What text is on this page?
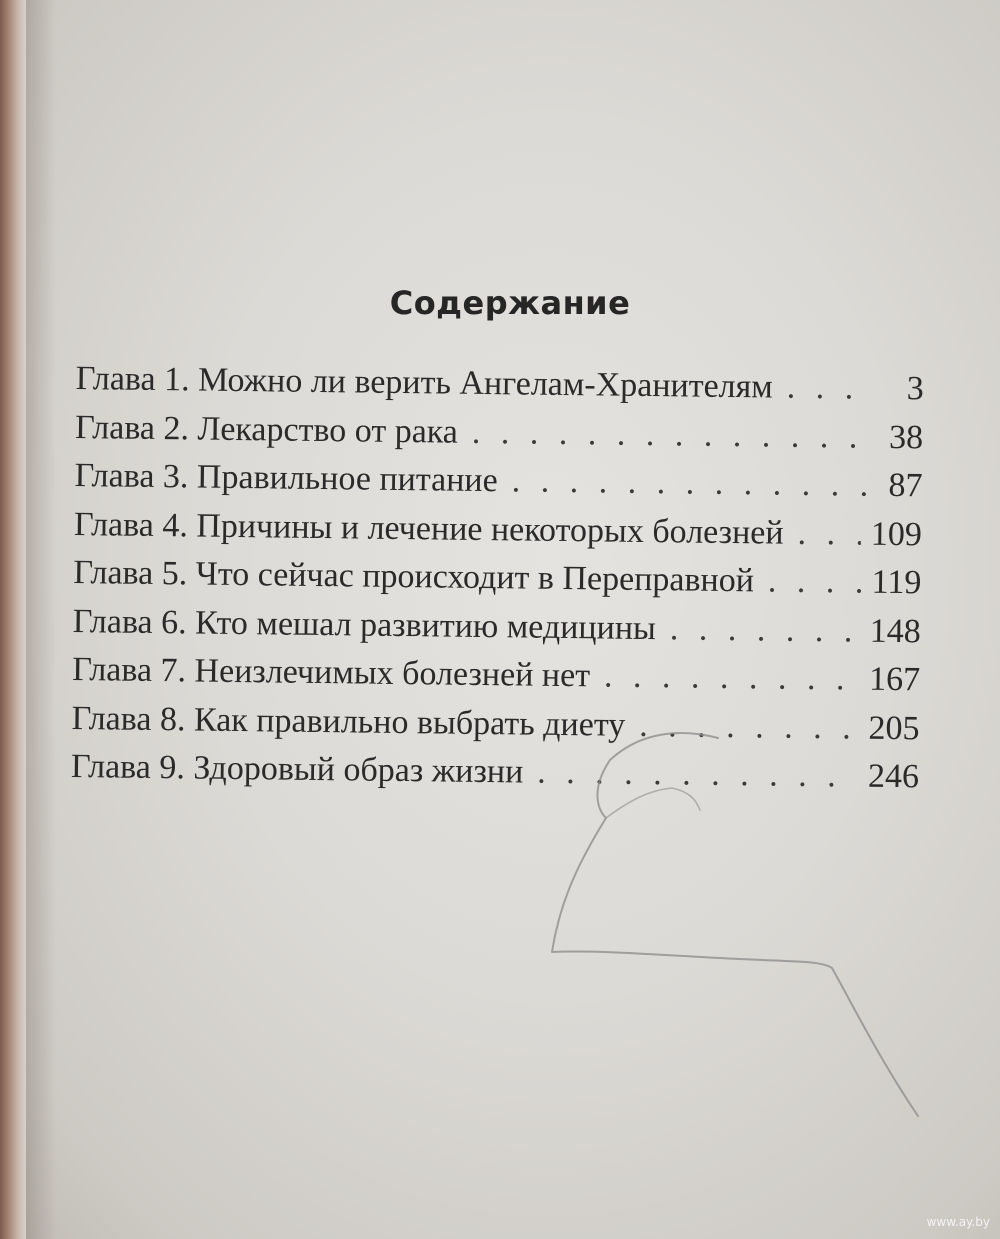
Содержание
Глава 1. Можно ли верить Ангелам-Хранителям . . .	3
Глава 2. Лекарство от рака . . .	38
Глава 3. Правильное питание . . .	87
Глава 4. Причины и лечение некоторых болезней . . .	109
Глава 5. Что сейчас происходит в Переправной . . .	119
Глава 6. Кто мешал развитию медицины . . .	148
Глава 7. Неизлечимых болезней нет . . .	167
Глава 8. Как правильно выбрать диету . . .	205
Глава 9. Здоровый образ жизни . . .	246
www.ay.by
